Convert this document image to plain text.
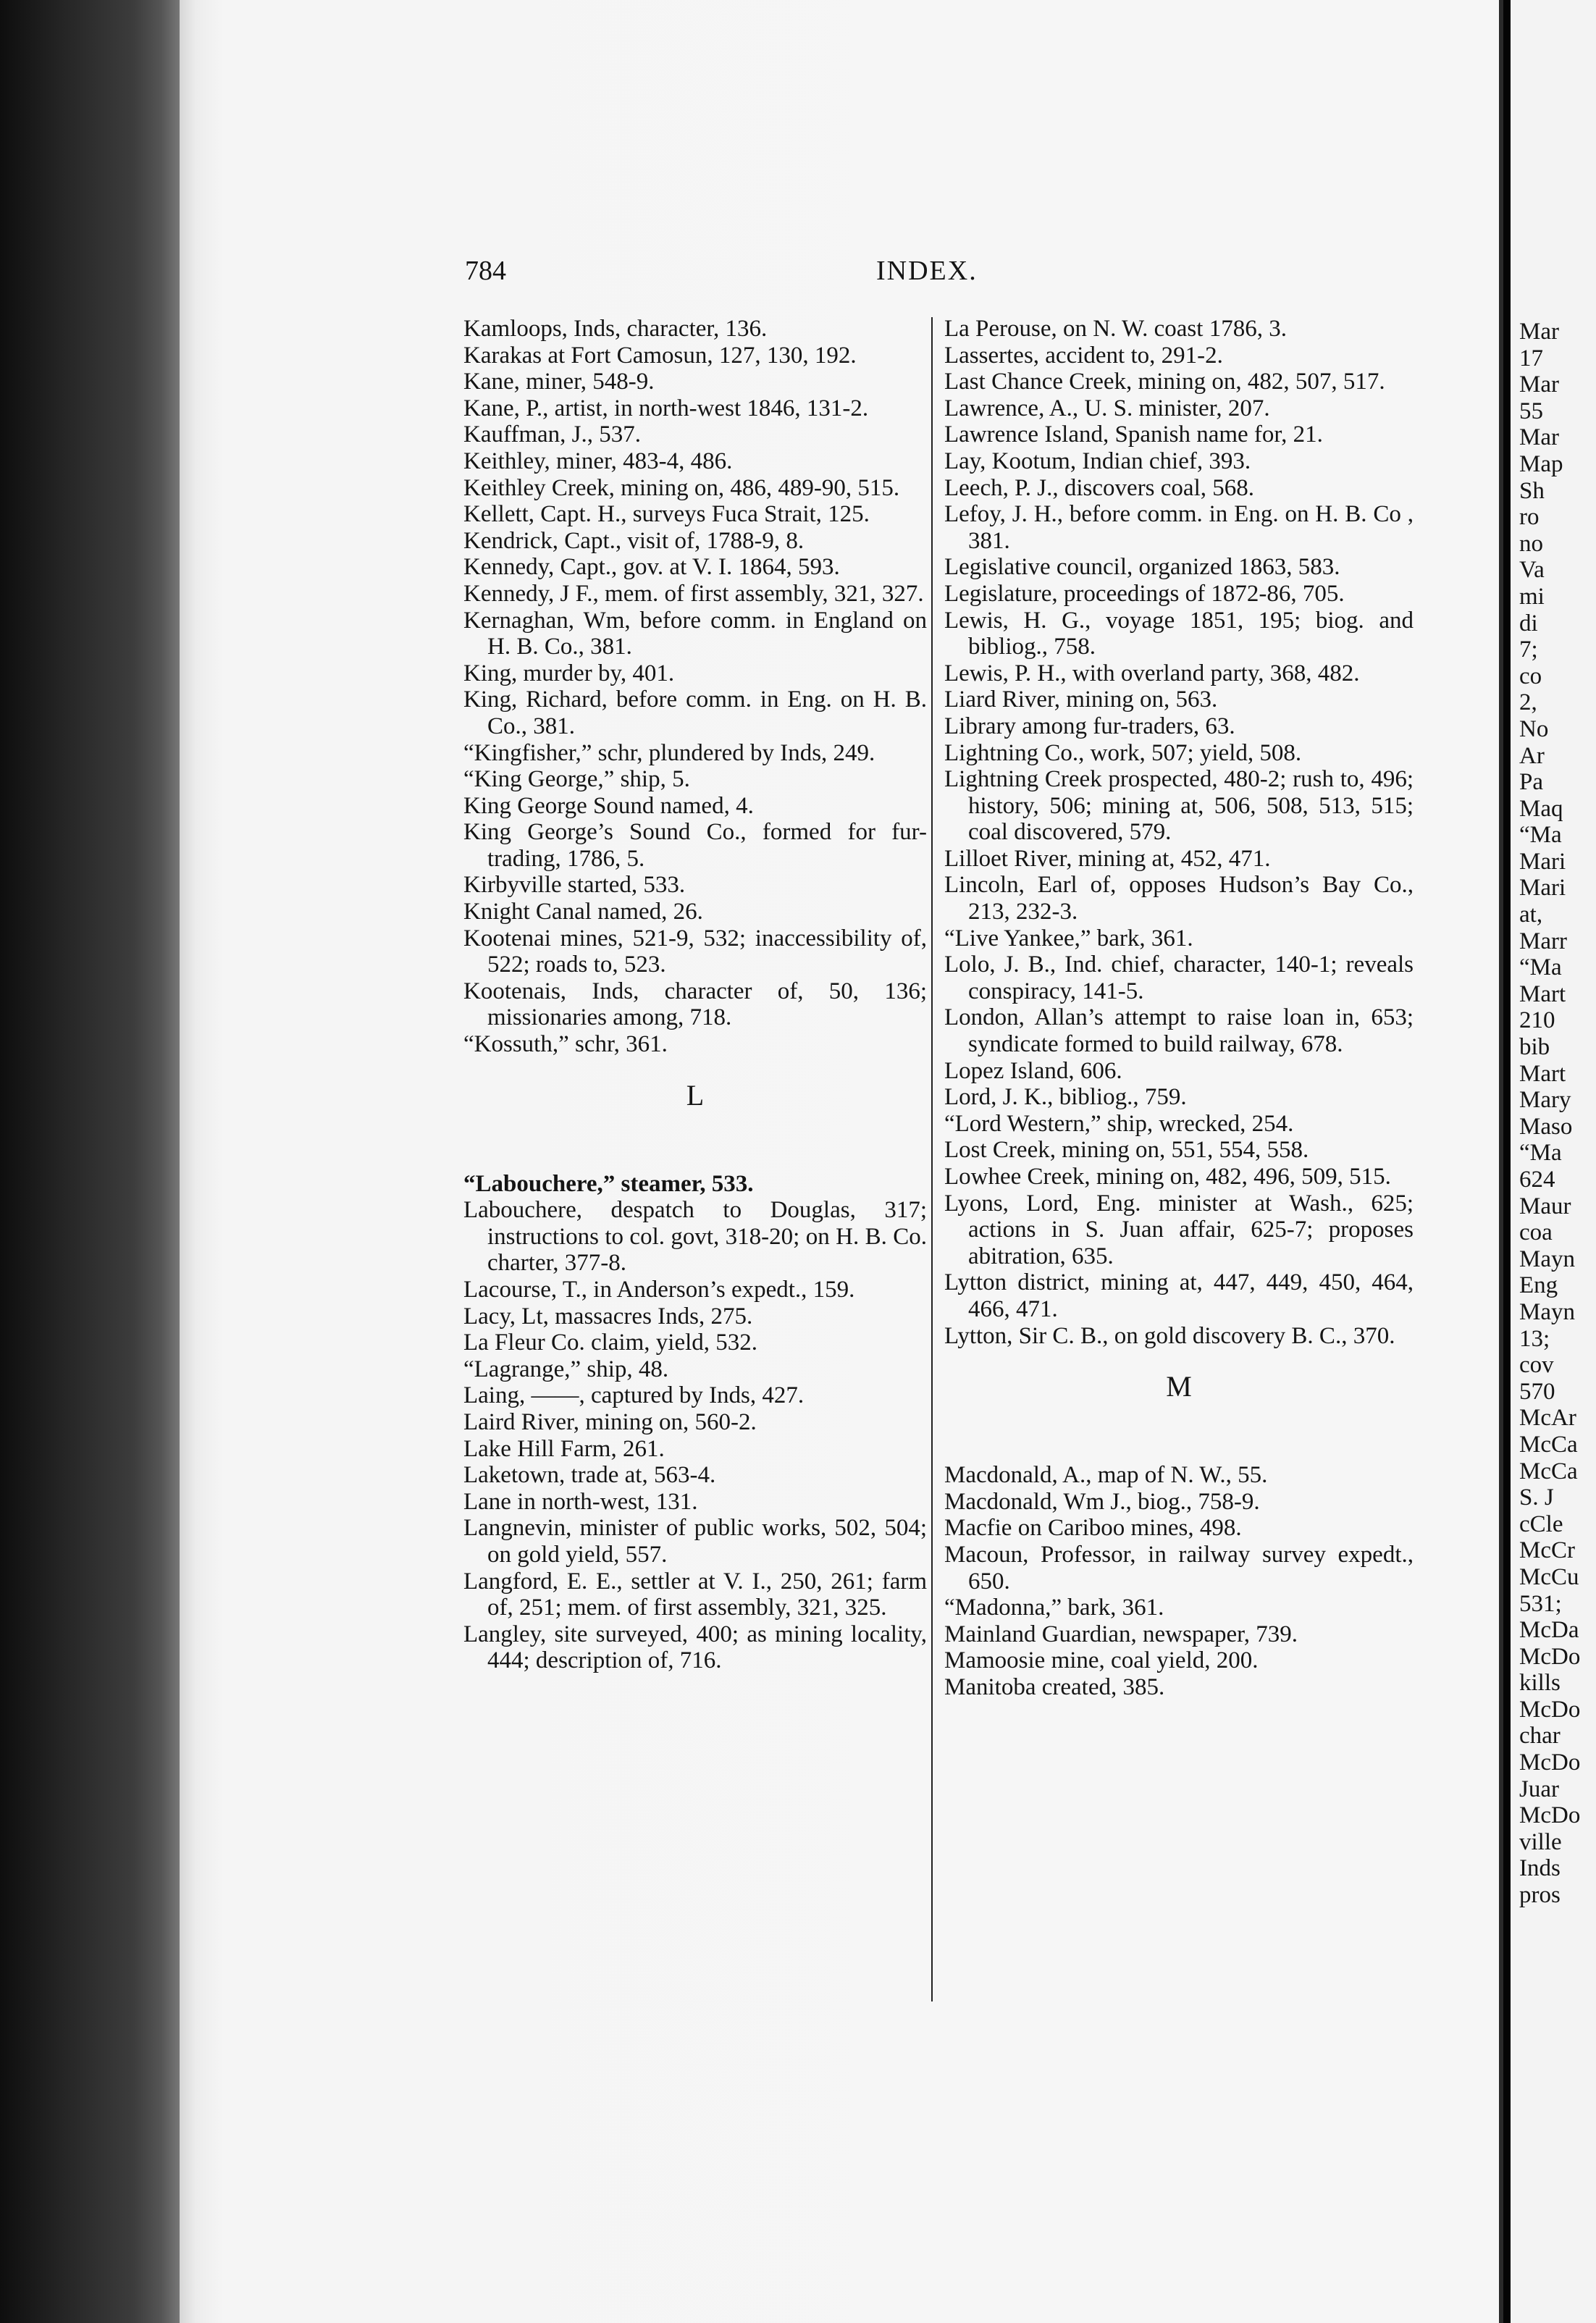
784	INDEX.

Kamloops, Inds, character, 136.

Karakas at Fort Camosun, 127, 130, 192.

Kane, miner, 548-9.

Kane, P., artist, in north-west 1846, 131-2.

Kauffman, J., 537.

Keithley, miner, 483-4, 486.

Keithley Creek, mining on, 486, 489-90, 515.

Kellett, Capt. H., surveys Fuca Strait, 125.

Kendrick, Capt., visit of, 1788-9, 8.

Kennedy, Capt., gov. at V. I. 1864, 593.

Kennedy, J F., mem. of first assembly, 321, 327.

Kernaghan, Wm, before comm. in England on H. B. Co., 381.

King, murder by, 401.

King, Richard, before comm. in Eng. on H. B. Co., 381.

“Kingfisher,” schr, plundered by Inds, 249.

“King George,” ship, 5.

King George Sound named, 4.

King George’s Sound Co., formed for fur-trading, 1786, 5.

Kirbyville started, 533.

Knight Canal named, 26.

Kootenai mines, 521-9, 532; inaccessibility of, 522; roads to, 523.

Kootenais, Inds, character of, 50, 136; missionaries among, 718.

“Kossuth,” schr, 361.

L

“Labouchere,” steamer, 533.

Labouchere, despatch to Douglas, 317; instructions to col. govt, 318-20; on H. B. Co. charter, 377-8.

Lacourse, T., in Anderson’s expedt., 159.

Lacy, Lt, massacres Inds, 275.

La Fleur Co. claim, yield, 532.

“Lagrange,” ship, 48.

Laing, ——, captured by Inds, 427.

Laird River, mining on, 560-2.

Lake Hill Farm, 261.

Laketown, trade at, 563-4.

Lane in north-west, 131.

Langnevin, minister of public works, 502, 504; on gold yield, 557.

Langford, E. E., settler at V. I., 250, 261; farm of, 251; mem. of first assembly, 321, 325.

Langley, site surveyed, 400; as mining locality, 444; description of, 716.

La Perouse, on N. W. coast 1786, 3.

Lassertes, accident to, 291-2.

Last Chance Creek, mining on, 482, 507, 517.

Lawrence, A., U. S. minister, 207.

Lawrence Island, Spanish name for, 21.

Lay, Kootum, Indian chief, 393.

Leech, P. J., discovers coal, 568.

Lefoy, J. H., before comm. in Eng. on H. B. Co , 381.

Legislative council, organized 1863, 583.

Legislature, proceedings of 1872-86, 705.

Lewis, H. G., voyage 1851, 195; biog. and bibliog., 758.

Lewis, P. H., with overland party, 368, 482.

Liard River, mining on, 563.

Library among fur-traders, 63.

Lightning Co., work, 507; yield, 508.

Lightning Creek prospected, 480-2; rush to, 496; history, 506; mining at, 506, 508, 513, 515; coal discovered, 579.

Lilloet River, mining at, 452, 471.

Lincoln, Earl of, opposes Hudson’s Bay Co., 213, 232-3.

“Live Yankee,” bark, 361.

Lolo, J. B., Ind. chief, character, 140-1; reveals conspiracy, 141-5.

London, Allan’s attempt to raise loan in, 653; syndicate formed to build railway, 678.

Lopez Island, 606.

Lord, J. K., bibliog., 759.

“Lord Western,” ship, wrecked, 254.

Lost Creek, mining on, 551, 554, 558.

Lowhee Creek, mining on, 482, 496, 509, 515.

Lyons, Lord, Eng. minister at Wash., 625; actions in S. Juan affair, 625-7; proposes abitration, 635.

Lytton district, mining at, 447, 449, 450, 464, 466, 471.

Lytton, Sir C. B., on gold discovery B. C., 370.

M

Macdonald, A., map of N. W., 55.

Macdonald, Wm J., biog., 758-9.

Macfie on Cariboo mines, 498.

Macoun, Professor, in railway survey expedt., 650.

“Madonna,” bark, 361.

Mainland Guardian, newspaper, 739.

Mamoosie mine, coal yield, 200.

Manitoba created, 385.

Mar
17
Mar
55
Mar
Map
Sh
ro
no
Va
mi
di
7;
co
2,
No
Ar
Pa
Maq
“Ma
Mari
Mari
at,
Marr
“Ma
Mart
210
bib
Mart
Mary
Maso
“Ma
624
Maur
coa
Mayn
Eng
Mayn
13;
cov
570
McAr
McCa
McCa
S. J
cCle
McCr
McCu
531;
McDa
McDo
kills
McDo
char
McDo
Juar
McDo
ville
Inds
pros
